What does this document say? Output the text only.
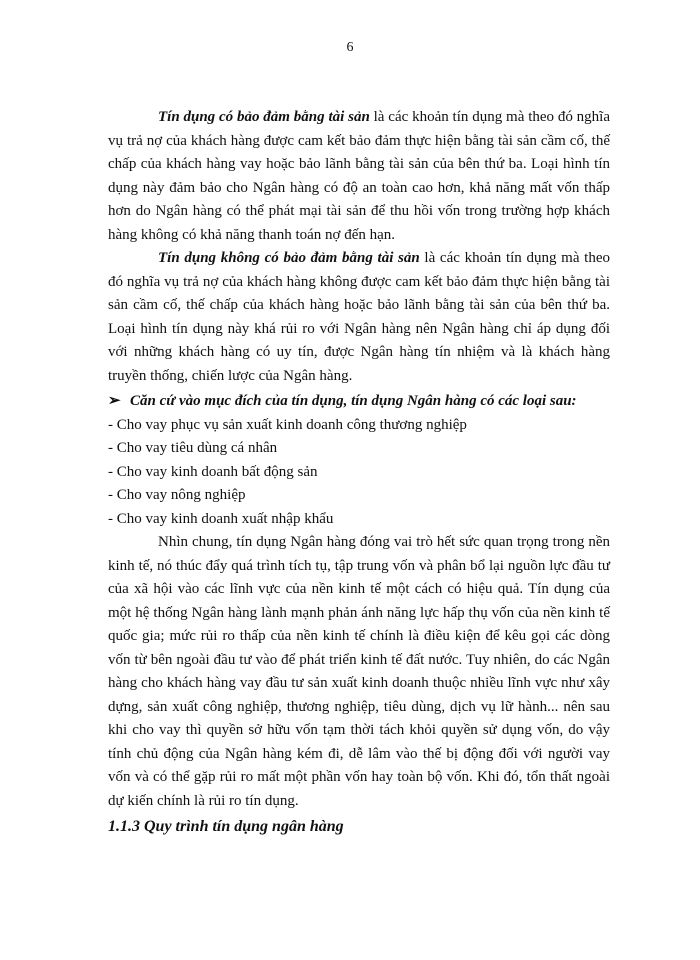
6

Tín dụng có bảo đảm bằng tài sản là các khoản tín dụng mà theo đó nghĩa vụ trả nợ của khách hàng được cam kết bảo đảm thực hiện bằng tài sản cầm cố, thế chấp của khách hàng vay hoặc bảo lãnh bằng tài sản của bên thứ ba. Loại hình tín dụng này đảm bảo cho Ngân hàng có độ an toàn cao hơn, khả năng mất vốn thấp hơn do Ngân hàng có thể phát mại tài sản để thu hồi vốn trong trường hợp khách hàng không có khả năng thanh toán nợ đến hạn.

Tín dụng không có bảo đảm bằng tài sản là các khoản tín dụng mà theo đó nghĩa vụ trả nợ của khách hàng không được cam kết bảo đảm thực hiện bằng tài sản cầm cố, thế chấp của khách hàng hoặc bảo lãnh bằng tài sản của bên thứ ba. Loại hình tín dụng này khá rủi ro với Ngân hàng nên Ngân hàng chỉ áp dụng đối với những khách hàng có uy tín, được Ngân hàng tín nhiệm và là khách hàng truyền thống, chiến lược của Ngân hàng.

➢ Căn cứ vào mục đích của tín dụng, tín dụng Ngân hàng có các loại sau:

- Cho vay phục vụ sản xuất kinh doanh công thương nghiệp
- Cho vay tiêu dùng cá nhân
- Cho vay kinh doanh bất động sản
- Cho vay nông nghiệp
- Cho vay kinh doanh xuất nhập khẩu

Nhìn chung, tín dụng Ngân hàng đóng vai trò hết sức quan trọng trong nền kinh tế, nó thúc đẩy quá trình tích tụ, tập trung vốn và phân bổ lại nguồn lực đầu tư của xã hội vào các lĩnh vực của nền kinh tế một cách có hiệu quả. Tín dụng của một hệ thống Ngân hàng lành mạnh phản ánh năng lực hấp thụ vốn của nền kinh tế quốc gia; mức rủi ro thấp của nền kinh tế chính là điều kiện để kêu gọi các dòng vốn từ bên ngoài đầu tư vào để phát triển kinh tế đất nước. Tuy nhiên, do các Ngân hàng cho khách hàng vay đầu tư sản xuất kinh doanh thuộc nhiều lĩnh vực như xây dựng, sản xuất công nghiệp, thương nghiệp, tiêu dùng, dịch vụ lữ hành... nên sau khi cho vay thì quyền sở hữu vốn tạm thời tách khỏi quyền sử dụng vốn, do vậy tính chủ động của Ngân hàng kém đi, dễ lâm vào thế bị động đối với người vay vốn và có thể gặp rủi ro mất một phần vốn hay toàn bộ vốn. Khi đó, tổn thất ngoài dự kiến chính là rủi ro tín dụng.

1.1.3 Quy trình tín dụng ngân hàng
